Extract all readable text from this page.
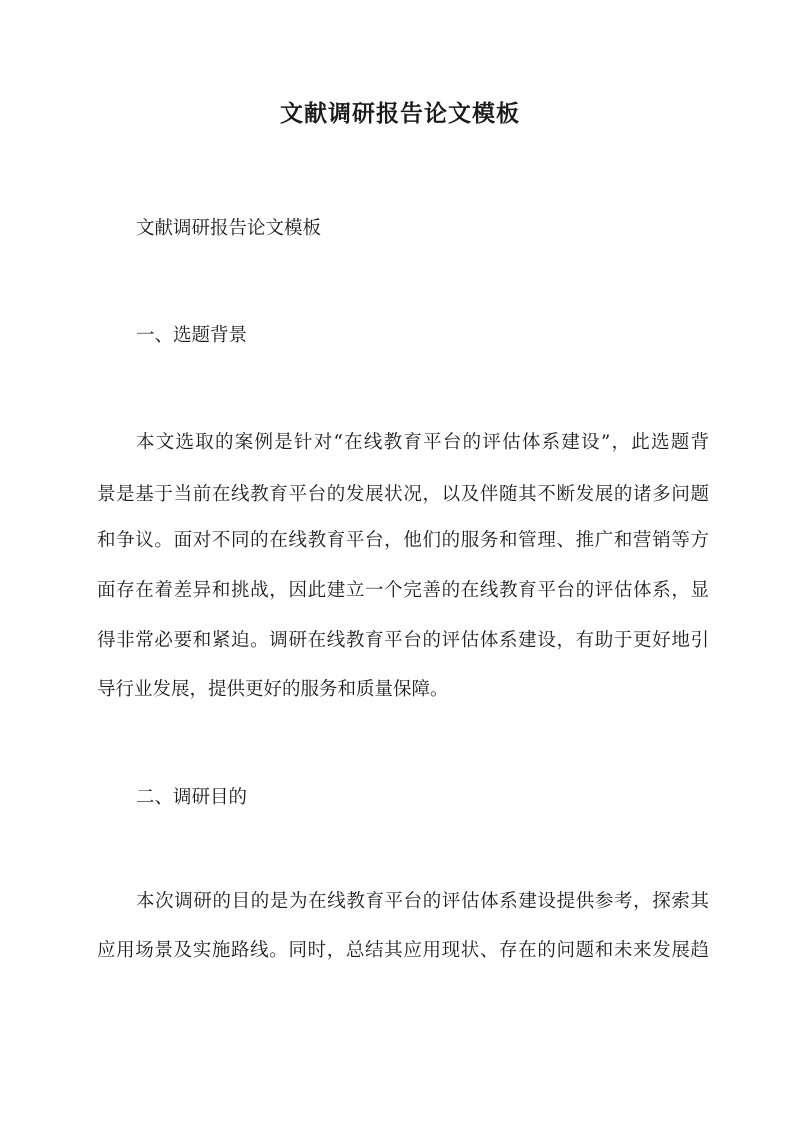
文献调研报告论文模板
文献调研报告论文模板
一、选题背景
本文选取的案例是针对“在线教育平台的评估体系建设”，此选题背
景是基于当前在线教育平台的发展状况，以及伴随其不断发展的诸多问题
和争议。面对不同的在线教育平台，他们的服务和管理、推广和营销等方
面存在着差异和挑战，因此建立一个完善的在线教育平台的评估体系，显
得非常必要和紧迫。调研在线教育平台的评估体系建设，有助于更好地引
导行业发展，提供更好的服务和质量保障。
二、调研目的
本次调研的目的是为在线教育平台的评估体系建设提供参考，探索其
应用场景及实施路线。同时，总结其应用现状、存在的问题和未来发展趋
